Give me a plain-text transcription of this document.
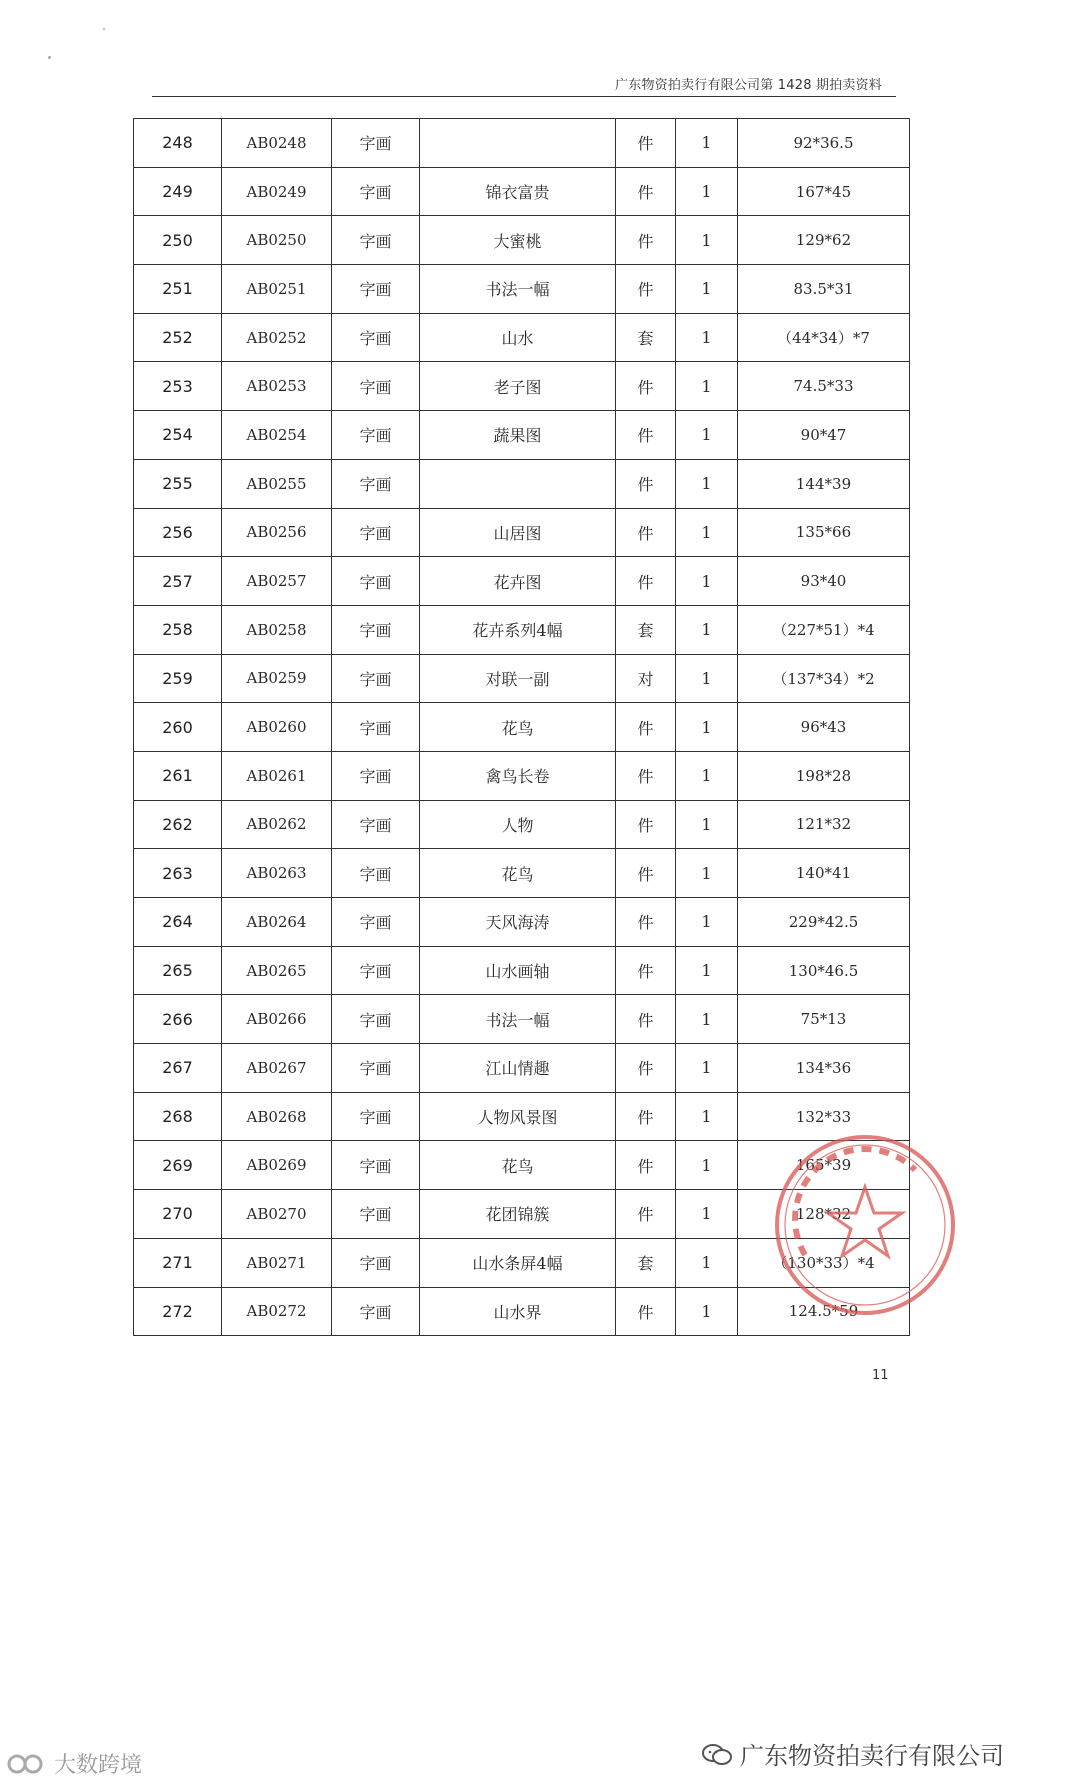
广东物资拍卖行有限公司第 1428 期拍卖资料
248	AB0248	字画		件	1	92*36.5
249	AB0249	字画	锦衣富贵	件	1	167*45
250	AB0250	字画	大蜜桃	件	1	129*62
251	AB0251	字画	书法一幅	件	1	83.5*31
252	AB0252	字画	山水	套	1	（44*34）*7
253	AB0253	字画	老子图	件	1	74.5*33
254	AB0254	字画	蔬果图	件	1	90*47
255	AB0255	字画		件	1	144*39
256	AB0256	字画	山居图	件	1	135*66
257	AB0257	字画	花卉图	件	1	93*40
258	AB0258	字画	花卉系列4幅	套	1	（227*51）*4
259	AB0259	字画	对联一副	对	1	（137*34）*2
260	AB0260	字画	花鸟	件	1	96*43
261	AB0261	字画	禽鸟长卷	件	1	198*28
262	AB0262	字画	人物	件	1	121*32
263	AB0263	字画	花鸟	件	1	140*41
264	AB0264	字画	天风海涛	件	1	229*42.5
265	AB0265	字画	山水画轴	件	1	130*46.5
266	AB0266	字画	书法一幅	件	1	75*13
267	AB0267	字画	江山情趣	件	1	134*36
268	AB0268	字画	人物风景图	件	1	132*33
269	AB0269	字画	花鸟	件	1	165*39
270	AB0270	字画	花团锦簇	件	1	128*32
271	AB0271	字画	山水条屏4幅	套	1	（130*33）*4
272	AB0272	字画	山水界	件	1	124.5*59
11
大数跨境	广东物资拍卖行有限公司
